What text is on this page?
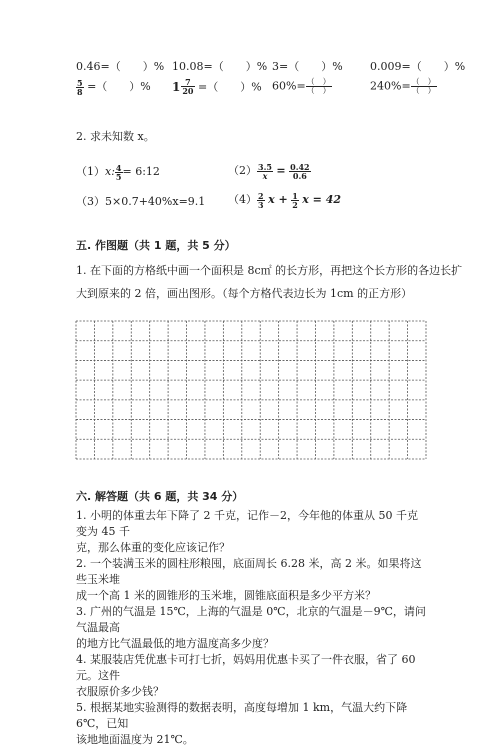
0.46=（　　）% 10.08=（　　）% 3=（　　）% 0.009=（　　）%
$\frac{5}{8}$ =（　　）% $1 \frac{7}{20}$ =（　　）% $60\%= \frac{( )}{( )}$	$240\%= \frac{( )}{( )}$
2. 求未知数 x。
（1）x: $\frac{4}{5}$ = 6:12	$(2) \frac{3.5}{x} = \frac{0.42}{0.6}$
（3）5×0.7+40%x=9.1 $(4) \frac{2}{3}$ $x + \frac{1}{2}$ x = 42
五. 作图题（共 1 题，共 5 分）
1. 在下面的方格纸中画一个面积是 8c㎡ 的长方形，再把这个长方形的各边长扩
大到原来的 2 倍，画出图形。（每个方格代表边长为 1cm 的正方形）
六. 解答题（共 6 题，共 34 分）

1. 小明的体重去年下降了 2 千克，记作－2，今年他的体重从 50 千克变为 45 千

克，那么体重的变化应该记作？

2. 一个装满玉米的圆柱形粮囤，底面周长 6.28 米，高 2 米。如果将这些玉米堆

成一个高 1 米的圆锥形的玉米堆，圆锥底面积是多少平方米？

3. 广州的气温是 15℃，上海的气温是 0℃，北京的气温是－9℃，请问气温最高

的地方比气温最低的地方温度高多少度？

4. 某服装店凭优惠卡可打七折，妈妈用优惠卡买了一件衣服，省了 60 元。这件

衣服原价多少钱？

5. 根据某地实验测得的数据表明，高度每增加 1 km，气温大约下降 6℃，已知

该地地面温度为 21℃。
